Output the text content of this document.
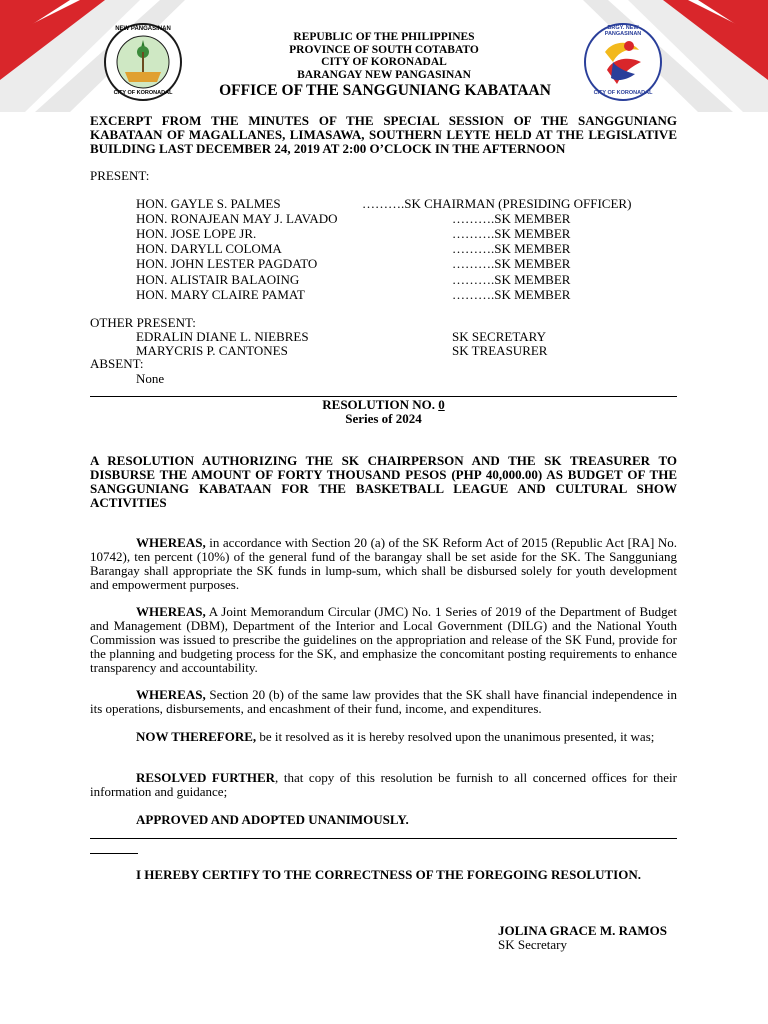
NEW PANGASINAN
CITY OF KORONADAL
BRGY. NEW PANGASINAN
CITY OF KORONADAL
REPUBLIC OF THE PHILIPPINES
PROVINCE OF SOUTH COTABATO
CITY OF KORONADAL
BARANGAY NEW PANGASINAN
OFFICE OF THE SANGGUNIANG KABATAAN
EXCERPT FROM THE MINUTES OF THE SPECIAL SESSION OF THE SANGGUNIANG KABATAAN OF MAGALLANES, LIMASAWA, SOUTHERN LEYTE HELD AT THE LEGISLATIVE BUILDING LAST DECEMBER 24, 2019 AT 2:00 O’CLOCK IN THE AFTERNOON
PRESENT:
HON. GAYLE S. PALMES	……….SK CHAIRMAN (PRESIDING OFFICER)
HON. RONAJEAN MAY J. LAVADO	……….SK MEMBER
HON. JOSE LOPE JR.	……….SK MEMBER
HON. DARYLL COLOMA	……….SK MEMBER
HON. JOHN LESTER PAGDATO	……….SK MEMBER
HON. ALISTAIR BALAOING	……….SK MEMBER
HON. MARY CLAIRE PAMAT	……….SK MEMBER
OTHER PRESENT:
EDRALIN DIANE L. NIEBRES	SK SECRETARY
MARYCRIS P. CANTONES	SK TREASURER
ABSENT:
None
RESOLUTION NO. 0
Series of 2024
A RESOLUTION AUTHORIZING THE SK CHAIRPERSON AND THE SK TREASURER TO DISBURSE THE AMOUNT OF FORTY THOUSAND PESOS (PHP 40,000.00) AS BUDGET OF THE SANGGUNIANG KABATAAN FOR THE BASKETBALL LEAGUE AND CULTURAL SHOW ACTIVITIES
WHEREAS, in accordance with Section 20 (a) of the SK Reform Act of 2015 (Republic Act [RA] No. 10742), ten percent (10%) of the general fund of the barangay shall be set aside for the SK. The Sangguniang Barangay shall appropriate the SK funds in lump-sum, which shall be disbursed solely for youth development and empowerment purposes.
WHEREAS, A Joint Memorandum Circular (JMC) No. 1 Series of 2019 of the Department of Budget and Management (DBM), Department of the Interior and Local Government (DILG) and the National Youth Commission was issued to prescribe the guidelines on the appropriation and release of the SK Fund, provide for the planning and budgeting process for the SK, and emphasize the concomitant posting requirements to enhance transparency and accountability.
WHEREAS, Section 20 (b) of the same law provides that the SK shall have financial independence in its operations, disbursements, and encashment of their fund, income, and expenditures.
NOW THEREFORE, be it resolved as it is hereby resolved upon the unanimous presented, it was;
RESOLVED FURTHER, that copy of this resolution be furnish to all concerned offices for their information and guidance;
APPROVED AND ADOPTED UNANIMOUSLY.
I HEREBY CERTIFY TO THE CORRECTNESS OF THE FOREGOING RESOLUTION.
JOLINA GRACE M. RAMOS
SK Secretary
